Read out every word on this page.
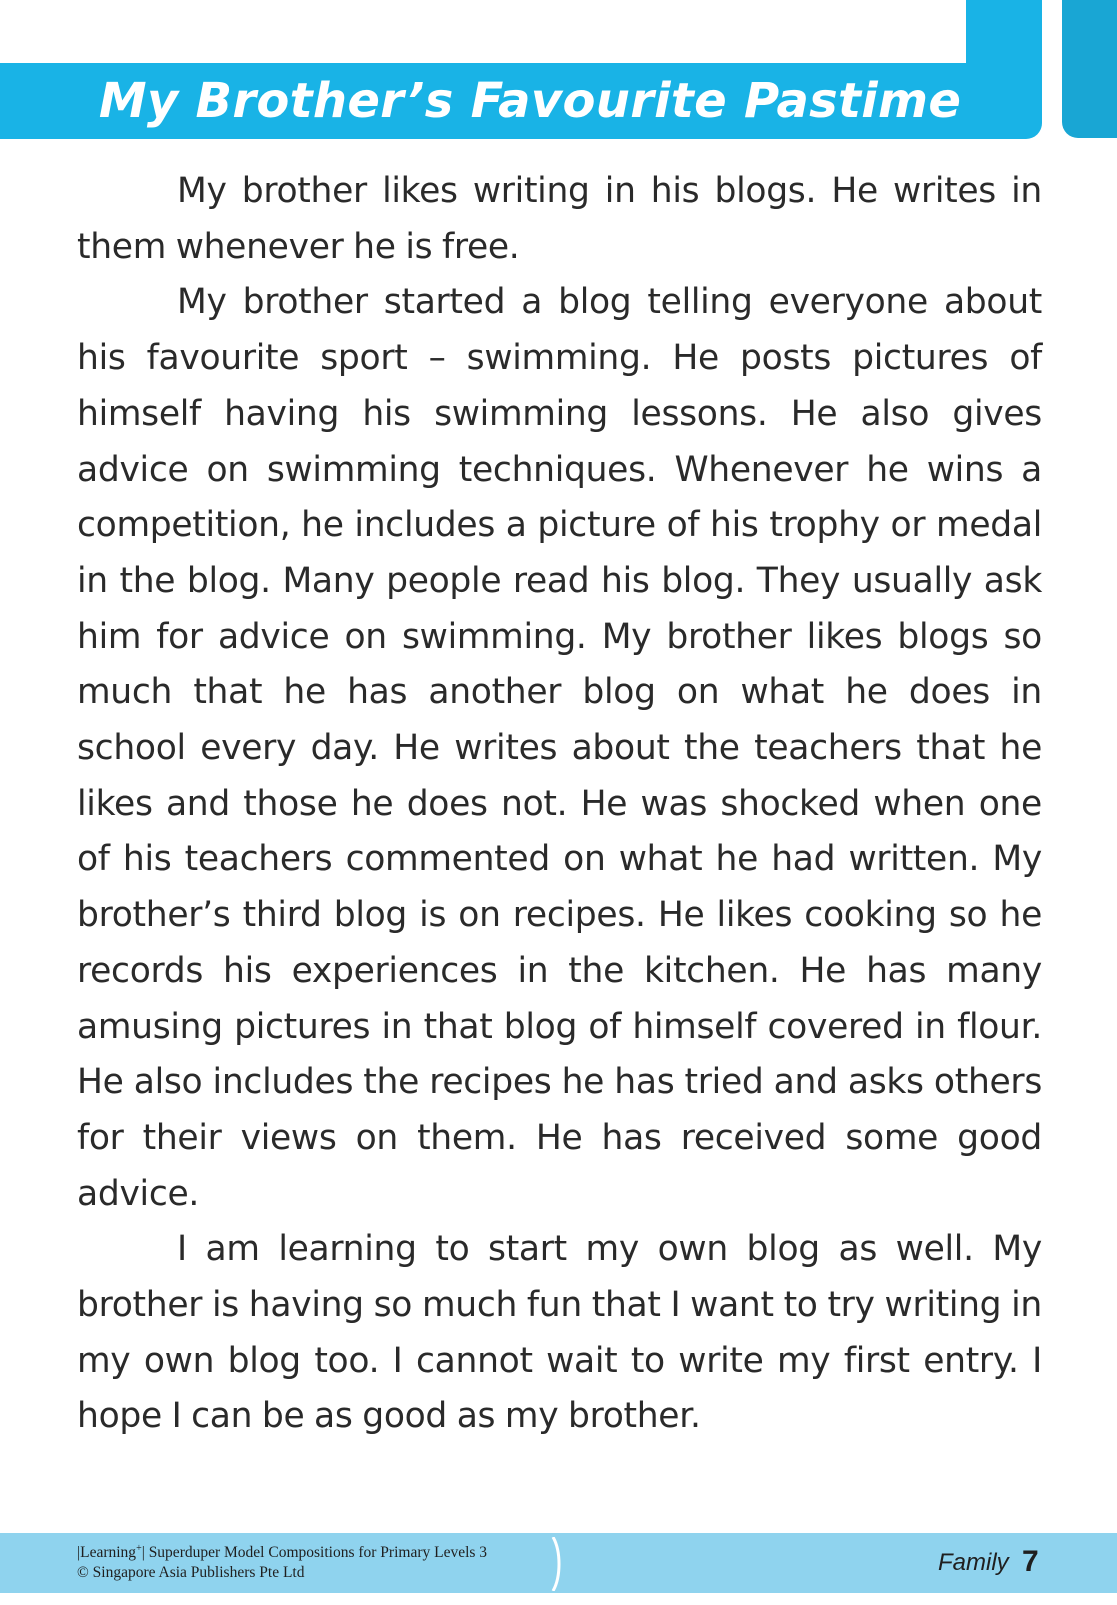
My Brother’s Favourite Pastime

My brother likes writing in his blogs. He writes in them whenever he is free.

My brother started a blog telling everyone about his favourite sport – swimming. He posts pictures of himself having his swimming lessons. He also gives advice on swimming techniques. Whenever he wins a competition, he includes a picture of his trophy or medal in the blog. Many people read his blog. They usually ask him for advice on swimming. My brother likes blogs so much that he has another blog on what he does in school every day. He writes about the teachers that he likes and those he does not. He was shocked when one of his teachers commented on what he had written. My brother’s third blog is on recipes. He likes cooking so he records his experiences in the kitchen. He has many amusing pictures in that blog of himself covered in flour. He also includes the recipes he has tried and asks others for their views on them. He has received some good advice.

I am learning to start my own blog as well. My brother is having so much fun that I want to try writing in my own blog too. I cannot wait to write my first entry. I hope I can be as good as my brother.

|Learning+| Superduper Model Compositions for Primary Levels 3
© Singapore Asia Publishers Pte Ltd	Family 7
